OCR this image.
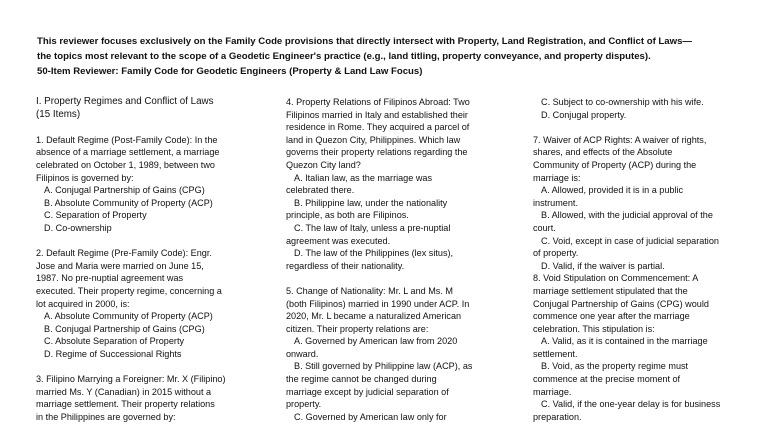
This reviewer focuses exclusively on the Family Code provisions that directly intersect with Property, Land Registration, and Conflict of Laws—
the topics most relevant to the scope of a Geodetic Engineer's practice (e.g., land titling, property conveyance, and property disputes).
50-Item Reviewer: Family Code for Geodetic Engineers (Property & Land Law Focus)
I. Property Regimes and Conflict of Laws
(15 Items)
1. Default Regime (Post-Family Code): In the
absence of a marriage settlement, a marriage
celebrated on October 1, 1989, between two
Filipinos is governed by:
A. Conjugal Partnership of Gains (CPG)
B. Absolute Community of Property (ACP)
C. Separation of Property
D. Co-ownership
2. Default Regime (Pre-Family Code): Engr.
Jose and Maria were married on June 15,
1987. No pre-nuptial agreement was
executed. Their property regime, concerning a
lot acquired in 2000, is:
A. Absolute Community of Property (ACP)
B. Conjugal Partnership of Gains (CPG)
C. Absolute Separation of Property
D. Regime of Successional Rights
3. Filipino Marrying a Foreigner: Mr. X (Filipino)
married Ms. Y (Canadian) in 2015 without a
marriage settlement. Their property relations
in the Philippines are governed by:
4. Property Relations of Filipinos Abroad: Two
Filipinos married in Italy and established their
residence in Rome. They acquired a parcel of
land in Quezon City, Philippines. Which law
governs their property relations regarding the
Quezon City land?
A. Italian law, as the marriage was
celebrated there.
B. Philippine law, under the nationality
principle, as both are Filipinos.
C. The law of Italy, unless a pre-nuptial
agreement was executed.
D. The law of the Philippines (lex situs),
regardless of their nationality.
5. Change of Nationality: Mr. L and Ms. M
(both Filipinos) married in 1990 under ACP. In
2020, Mr. L became a naturalized American
citizen. Their property relations are:
A. Governed by American law from 2020
onward.
B. Still governed by Philippine law (ACP), as
the regime cannot be changed during
marriage except by judicial separation of
property.
C. Governed by American law only for
C. Subject to co-ownership with his wife.
D. Conjugal property.
7. Waiver of ACP Rights: A waiver of rights,
shares, and effects of the Absolute
Community of Property (ACP) during the
marriage is:
A. Allowed, provided it is in a public
instrument.
B. Allowed, with the judicial approval of the
court.
C. Void, except in case of judicial separation
of property.
D. Valid, if the waiver is partial.
8. Void Stipulation on Commencement: A
marriage settlement stipulated that the
Conjugal Partnership of Gains (CPG) would
commence one year after the marriage
celebration. This stipulation is:
A. Valid, as it is contained in the marriage
settlement.
B. Void, as the property regime must
commence at the precise moment of
marriage.
C. Valid, if the one-year delay is for business
preparation.
